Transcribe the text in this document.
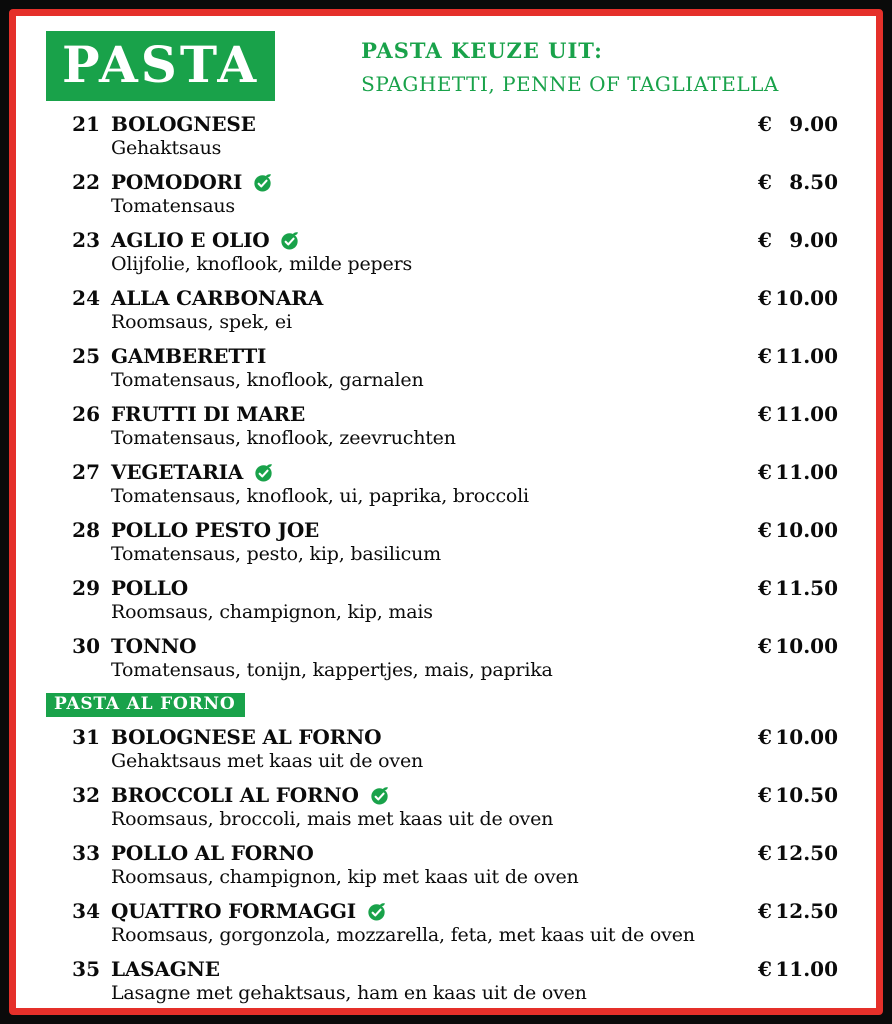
PASTA	PASTA KEUZE UIT:
SPAGHETTI, PENNE OF TAGLIATELLA
21 BOLOGNESE
Gehaktsaus
€ 9.00
22 POMODORI
Tomatensaus
€ 8.50
23 AGLIO E OLIO
Olijfolie, knoflook, milde pepers
€ 9.00
24 ALLA CARBONARA
Roomsaus, spek, ei
€ 10.00
25 GAMBERETTI
Tomatensaus, knoflook, garnalen
€ 11.00
26 FRUTTI DI MARE
Tomatensaus, knoflook, zeevruchten
€ 11.00
27 VEGETARIA
Tomatensaus, knoflook, ui, paprika, broccoli
€ 11.00
28 POLLO PESTO JOE
Tomatensaus, pesto, kip, basilicum
€ 10.00
29 POLLO
Roomsaus, champignon, kip, mais
€ 11.50
30 TONNO
Tomatensaus, tonijn, kappertjes, mais, paprika
€ 10.00
PASTA AL FORNO
31 BOLOGNESE AL FORNO
Gehaktsaus met kaas uit de oven
€ 10.00
32 BROCCOLI AL FORNO
Roomsaus, broccoli, mais met kaas uit de oven
€ 10.50
33 POLLO AL FORNO
Roomsaus, champignon, kip met kaas uit de oven
€ 12.50
34 QUATTRO FORMAGGI
Roomsaus, gorgonzola, mozzarella, feta, met kaas uit de oven
€ 12.50
35 LASAGNE
Lasagne met gehaktsaus, ham en kaas uit de oven
€ 11.00
